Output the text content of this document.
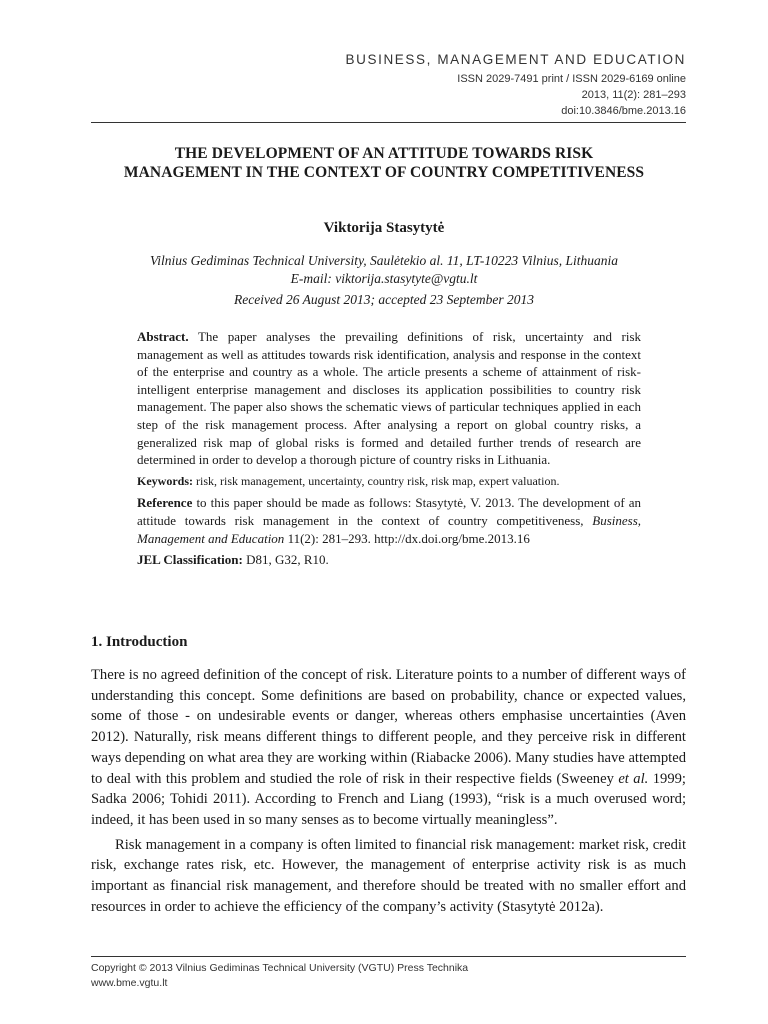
BUSINESS, MANAGEMENT AND EDUCATION
ISSN 2029-7491 print / ISSN 2029-6169 online
2013, 11(2): 281–293
doi:10.3846/bme.2013.16
THE DEVELOPMENT OF AN ATTITUDE TOWARDS RISK
MANAGEMENT IN THE CONTEXT OF COUNTRY COMPETITIVENESS
Viktorija Stasytytė
Vilnius Gediminas Technical University, Saulėtekio al. 11, LT-10223 Vilnius, Lithuania
E-mail: viktorija.stasytyte@vgtu.lt
Received 26 August 2013; accepted 23 September 2013

Abstract. The paper analyses the prevailing definitions of risk, uncertainty and risk management as well as attitudes towards risk identification, analysis and response in the context of the enterprise and country as a whole. The article presents a scheme of attainment of risk-intelligent enterprise management and discloses its application possibilities to country risk management. The paper also shows the schematic views of particular techniques applied in each step of the risk management process. After analysing a report on global country risks, a generalized risk map of global risks is formed and detailed further trends of research are determined in order to develop a thorough picture of country risks in Lithuania.

Keywords: risk, risk management, uncertainty, country risk, risk map, expert valuation.

Reference to this paper should be made as follows: Stasytytė, V. 2013. The development of an attitude towards risk management in the context of country competitiveness, Business, Management and Education 11(2): 281–293. http://dx.doi.org/bme.2013.16

JEL Classification: D81, G32, R10.

1. Introduction

There is no agreed definition of the concept of risk. Literature points to a number of different ways of understanding this concept. Some definitions are based on probability, chance or expected values, some of those - on undesirable events or danger, whereas others emphasise uncertainties (Aven 2012). Naturally, risk means different things to different people, and they perceive risk in different ways depending on what area they are working within (Riabacke 2006). Many studies have attempted to deal with this problem and studied the role of risk in their respective fields (Sweeney et al. 1999; Sadka 2006; Tohidi 2011). According to French and Liang (1993), “risk is a much overused word; indeed, it has been used in so many senses as to become virtually meaningless”.

Risk management in a company is often limited to financial risk management: market risk, credit risk, exchange rates risk, etc. However, the management of enterprise activity risk is as much important as financial risk management, and therefore should be treated with no smaller effort and resources in order to achieve the efficiency of the company’s activity (Stasytytė 2012a).

Copyright © 2013 Vilnius Gediminas Technical University (VGTU) Press Technika
www.bme.vgtu.lt
